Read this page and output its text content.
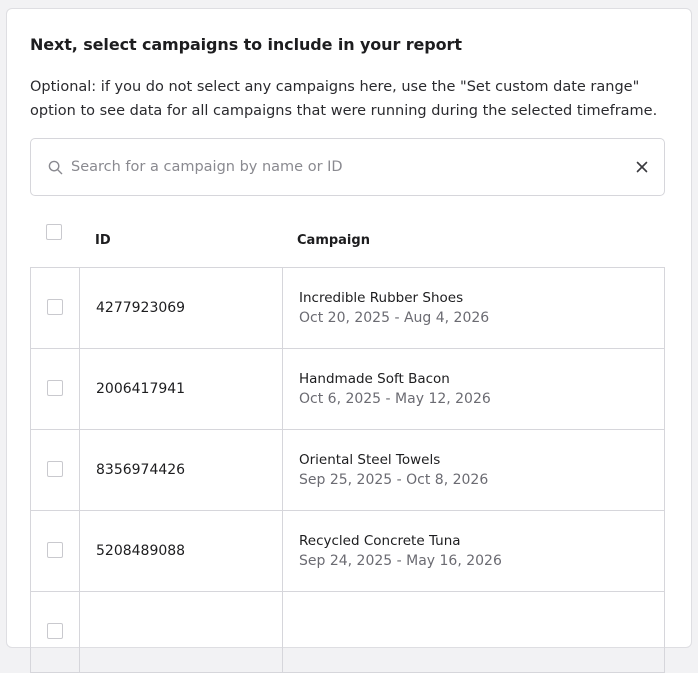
Next, select campaigns to include in your report
Optional: if you do not select any campaigns here, use the "Set custom date range" option to see data for all campaigns that were running during the selected timeframe.
Search for a campaign by name or ID
ID	Campaign
4277923069
Incredible Rubber Shoes
Oct 20, 2025 - Aug 4, 2026
2006417941
Handmade Soft Bacon
Oct 6, 2025 - May 12, 2026
8356974426
Oriental Steel Towels
Sep 25, 2025 - Oct 8, 2026
5208489088
Recycled Concrete Tuna
Sep 24, 2025 - May 16, 2026
